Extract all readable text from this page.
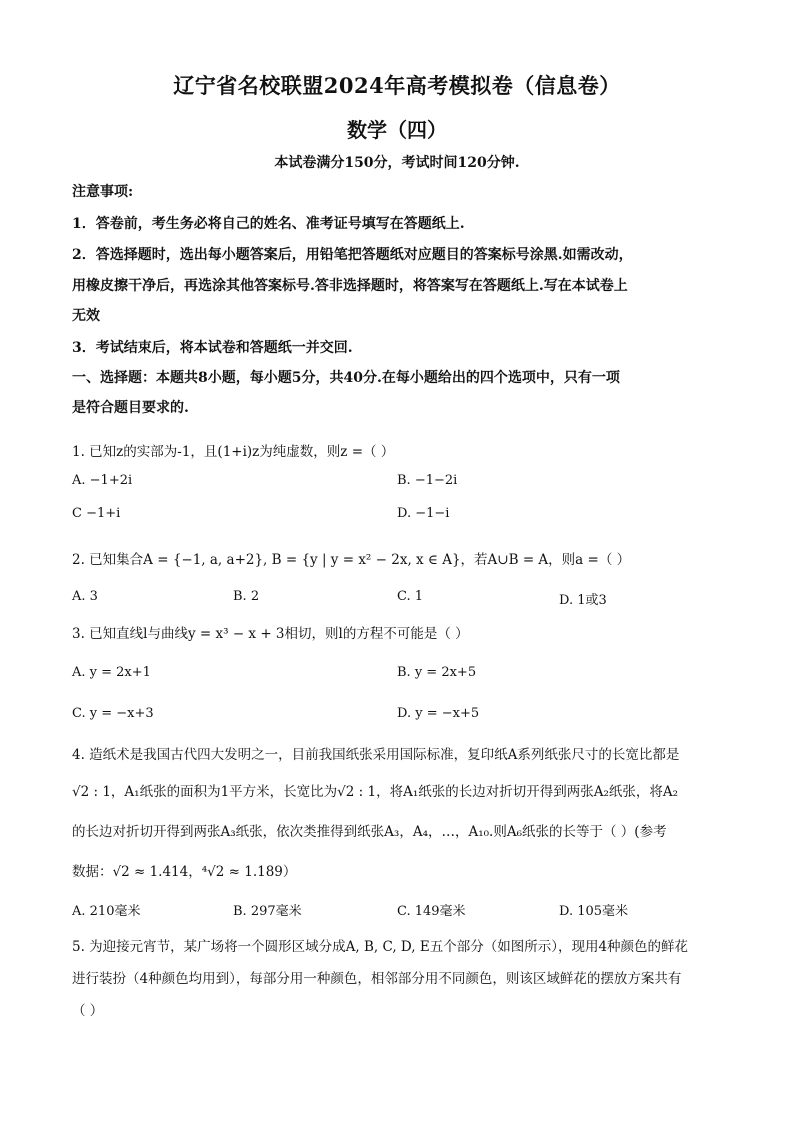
辽宁省名校联盟2024年高考模拟卷（信息卷）
数学（四）
本试卷满分150分，考试时间120分钟.
注意事项:
1．答卷前，考生务必将自己的姓名、准考证号填写在答题纸上.
2．答选择题时，选出每小题答案后，用铅笔把答题纸对应题目的答案标号涂黑.如需改动，
用橡皮擦干净后，再选涂其他答案标号.答非选择题时，将答案写在答题纸上.写在本试卷上
无效
3．考试结束后，将本试卷和答题纸一并交回.
一、选择题：本题共8小题，每小题5分，共40分.在每小题给出的四个选项中，只有一项
是符合题目要求的.
1. 已知z的实部为-1，且(1+i)z为纯虚数，则z =（ ）
A. −1+2i	B. −1−2i
C −1+i	D. −1−i
2. 已知集合A = {−1, a, a+2}, B = {y | y = x² − 2x, x ∈ A}，若A∪B = A，则a =（ ）
A. 3	B. 2	C. 1	D. 1或3
3. 已知直线l与曲线y = x³ − x + 3相切，则l的方程不可能是（ ）
A. y = 2x+1	B. y = 2x+5
C. y = −x+3	D. y = −x+5
4. 造纸术是我国古代四大发明之一，目前我国纸张采用国际标准，复印纸A系列纸张尺寸的长宽比都是
√2 : 1，A₁纸张的面积为1平方米，长宽比为√2 : 1，将A₁纸张的长边对折切开得到两张A₂纸张，将A₂
的长边对折切开得到两张A₃纸张，依次类推得到纸张A₃，A₄，…，A₁₀.则A₆纸张的长等于（ ）(参考
数据：√2 ≈ 1.414，⁴√2 ≈ 1.189）
A. 210毫米	B. 297毫米	C. 149毫米	D. 105毫米
5. 为迎接元宵节，某广场将一个圆形区域分成A, B, C, D, E五个部分（如图所示），现用4种颜色的鲜花
进行装扮（4种颜色均用到），每部分用一种颜色，相邻部分用不同颜色，则该区域鲜花的摆放方案共有
（ ）
